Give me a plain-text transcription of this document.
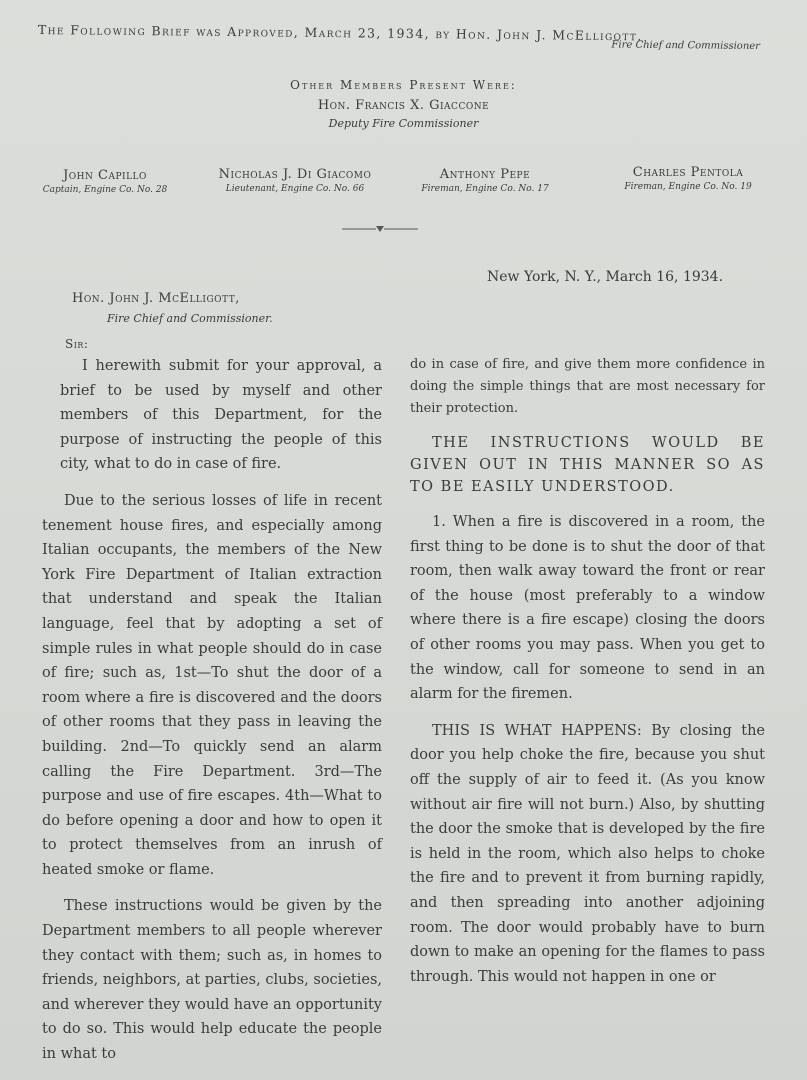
The Following Brief was Approved, March 23, 1934, by Hon. John J. McElligott,
Fire Chief and Commissioner
Other Members Present Were:
Hon. Francis X. Giaccone
Deputy Fire Commissioner
John Capillo
Captain, Engine Co. No. 28
Nicholas J. Di Giacomo
Lieutenant, Engine Co. No. 66
Anthony Pepe
Fireman, Engine Co. No. 17
Charles Pentola
Fireman, Engine Co. No. 19
New York, N. Y., March 16, 1934.
Hon. John J. McElligott,
Fire Chief and Commissioner.
Sir:

I herewith submit for your approval, a brief to be used by myself and other members of this Department, for the purpose of instructing the people of this city, what to do in case of fire.

Due to the serious losses of life in recent tenement house fires, and especially among Italian occupants, the members of the New York Fire Department of Italian extraction that understand and speak the Italian language, feel that by adopting a set of simple rules in what people should do in case of fire; such as, 1st—To shut the door of a room where a fire is discovered and the doors of other rooms that they pass in leaving the building. 2nd—To quickly send an alarm calling the Fire Department. 3rd—The purpose and use of fire escapes. 4th—What to do before opening a door and how to open it to protect themselves from an inrush of heated smoke or flame.

These instructions would be given by the Department members to all people wherever they contact with them; such as, in homes to friends, neighbors, at parties, clubs, societies, and wherever they would have an opportunity to do so. This would help educate the people in what to

do in case of fire, and give them more confidence in doing the simple things that are most necessary for their protection.

THE INSTRUCTIONS WOULD BE GIVEN OUT IN THIS MANNER SO AS TO BE EASILY UNDERSTOOD.

1. When a fire is discovered in a room, the first thing to be done is to shut the door of that room, then walk away toward the front or rear of the house (most preferably to a window where there is a fire escape) closing the doors of other rooms you may pass. When you get to the window, call for someone to send in an alarm for the firemen.

THIS IS WHAT HAPPENS: By closing the door you help choke the fire, because you shut off the supply of air to feed it. (As you know without air fire will not burn.) Also, by shutting the door the smoke that is developed by the fire is held in the room, which also helps to choke the fire and to prevent it from burning rapidly, and then spreading into another adjoining room. The door would probably have to burn down to make an opening for the flames to pass through. This would not happen in one or
